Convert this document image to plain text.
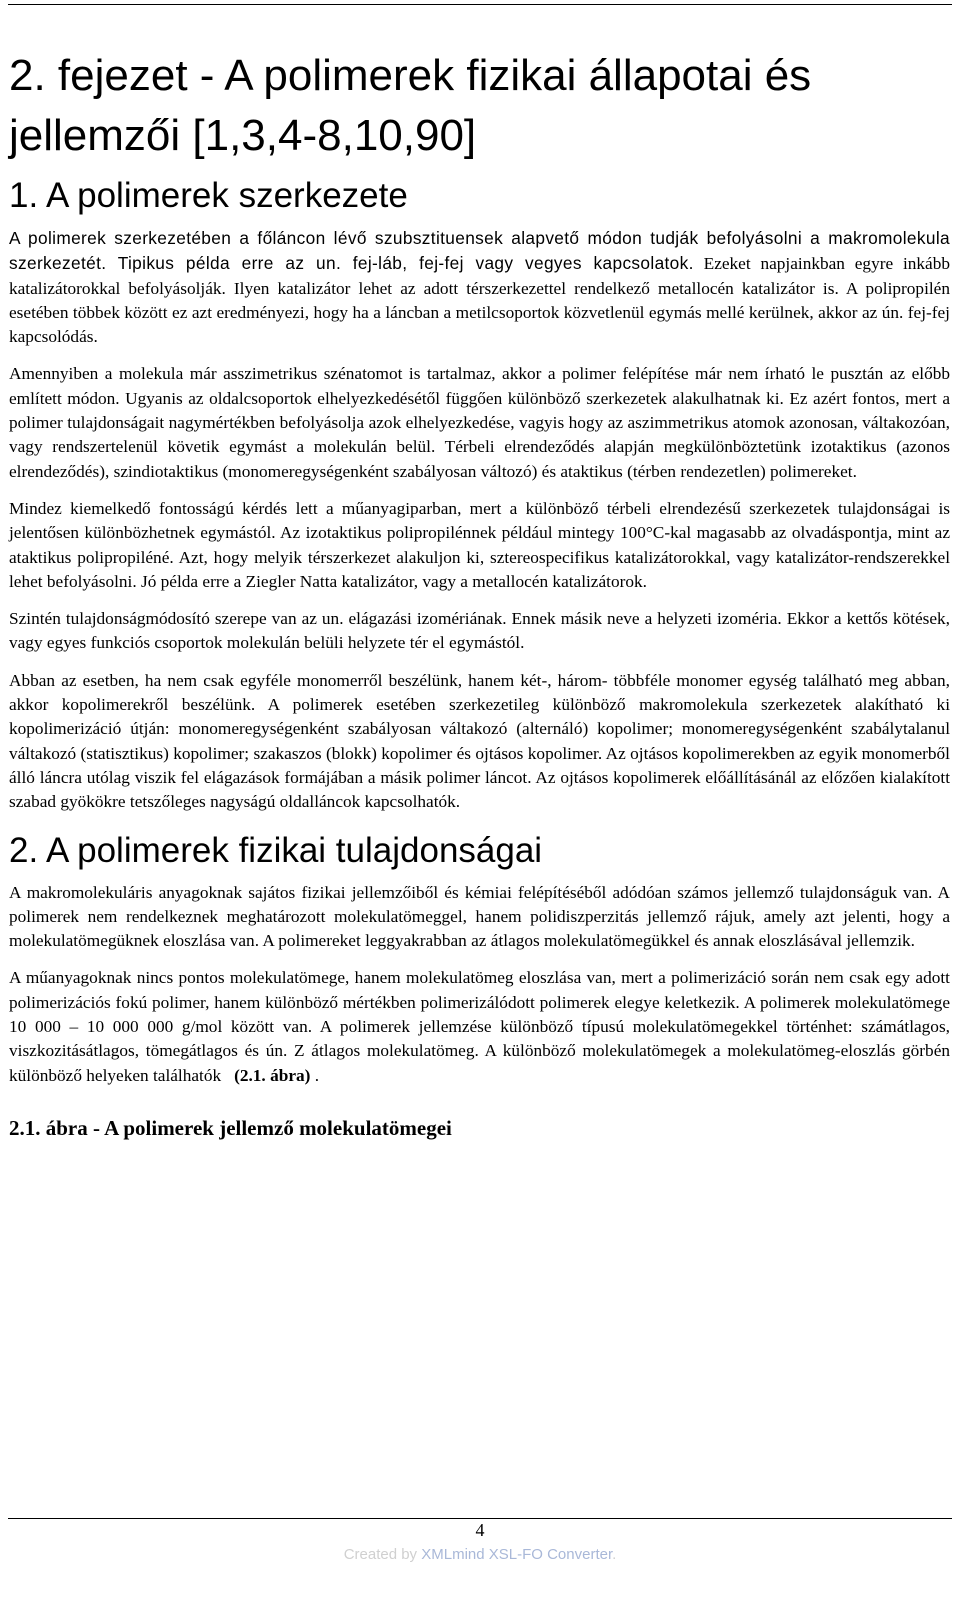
2. fejezet - A polimerek fizikai állapotai és jellemzői [1,3,4-8,10,90]
1. A polimerek szerkezete

A polimerek szerkezetében a főláncon lévő szubsztituensek alapvető módon tudják befolyásolni a makromolekula szerkezetét. Tipikus példa erre az un. fej-láb, fej-fej vagy vegyes kapcsolatok. Ezeket napjainkban egyre inkább katalizátorokkal befolyásolják. Ilyen katalizátor lehet az adott térszerkezettel rendelkező metallocén katalizátor is. A polipropilén esetében többek között ez azt eredményezi, hogy ha a láncban a metilcsoportok közvetlenül egymás mellé kerülnek, akkor az ún. fej-fej kapcsolódás.

Amennyiben a molekula már asszimetrikus szénatomot is tartalmaz, akkor a polimer felépítése már nem írható le pusztán az előbb említett módon. Ugyanis az oldalcsoportok elhelyezkedésétől függően különböző szerkezetek alakulhatnak ki. Ez azért fontos, mert a polimer tulajdonságait nagymértékben befolyásolja azok elhelyezkedése, vagyis hogy az aszimmetrikus atomok azonosan, váltakozóan, vagy rendszertelenül követik egymást a molekulán belül. Térbeli elrendeződés alapján megkülönböztetünk izotaktikus (azonos elrendeződés), szindiotaktikus (monomeregységenként szabályosan változó) és ataktikus (térben rendezetlen) polimereket.

Mindez kiemelkedő fontosságú kérdés lett a műanyagiparban, mert a különböző térbeli elrendezésű szerkezetek tulajdonságai is jelentősen különbözhetnek egymástól. Az izotaktikus polipropilénnek például mintegy 100°C-kal magasabb az olvadáspontja, mint az ataktikus polipropiléné. Azt, hogy melyik térszerkezet alakuljon ki, sztereospecifikus katalizátorokkal, vagy katalizátor-rendszerekkel lehet befolyásolni. Jó példa erre a Ziegler Natta katalizátor, vagy a metallocén katalizátorok.

Szintén tulajdonságmódosító szerepe van az un. elágazási izomériának. Ennek másik neve a helyzeti izoméria. Ekkor a kettős kötések, vagy egyes funkciós csoportok molekulán belüli helyzete tér el egymástól.

Abban az esetben, ha nem csak egyféle monomerről beszélünk, hanem két-, három- többféle monomer egység található meg abban, akkor kopolimerekről beszélünk. A polimerek esetében szerkezetileg különböző makromolekula szerkezetek alakítható ki kopolimerizáció útján: monomeregységenként szabályosan váltakozó (alternáló) kopolimer; monomeregységenként szabálytalanul váltakozó (statisztikus) kopolimer; szakaszos (blokk) kopolimer és ojtásos kopolimer. Az ojtásos kopolimerekben az egyik monomerből álló láncra utólag viszik fel elágazások formájában a másik polimer láncot. Az ojtásos kopolimerek előállításánál az előzően kialakított szabad gyökökre tetszőleges nagyságú oldalláncok kapcsolhatók.

2. A polimerek fizikai tulajdonságai

A makromolekuláris anyagoknak sajátos fizikai jellemzőiből és kémiai felépítéséből adódóan számos jellemző tulajdonságuk van. A polimerek nem rendelkeznek meghatározott molekulatömeggel, hanem polidiszperzitás jellemző rájuk, amely azt jelenti, hogy a molekulatömegüknek eloszlása van. A polimereket leggyakrabban az átlagos molekulatömegükkel és annak eloszlásával jellemzik.

A műanyagoknak nincs pontos molekulatömege, hanem molekulatömeg eloszlása van, mert a polimerizáció során nem csak egy adott polimerizációs fokú polimer, hanem különböző mértékben polimerizálódott polimerek elegye keletkezik. A polimerek molekulatömege 10 000 – 10 000 000 g/mol között van. A polimerek jellemzése különböző típusú molekulatömegekkel történhet: számátlagos, viszkozitásátlagos, tömegátlagos és ún. Z átlagos molekulatömeg. A különböző molekulatömegek a molekulatömeg-eloszlás görbén különböző helyeken találhatók (2.1. ábra) .

2.1. ábra - A polimerek jellemző molekulatömegei
4
Created by XMLmind XSL-FO Converter.
